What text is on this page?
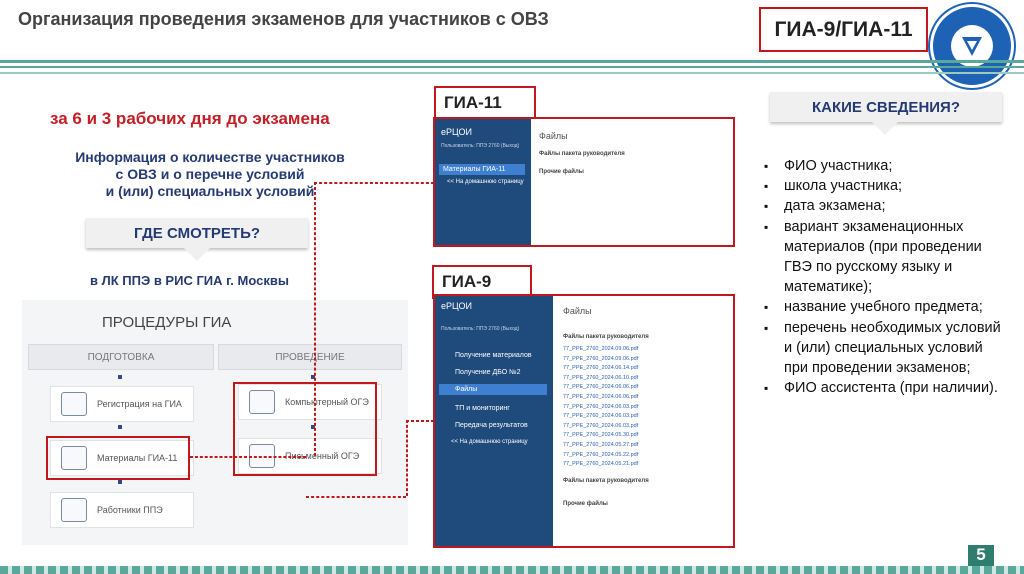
Организация проведения экзаменов для участников с ОВЗ	ГИА-9/ГИА-11
за 6 и 3 рабочих дня до экзамена
Информация о количестве участников
с ОВЗ и о перечне условий
и (или) специальных условий
ГДЕ СМОТРЕТЬ?
в ЛК ППЭ в РИС ГИА г. Москвы
ПРОЦЕДУРЫ ГИА
ПОДГОТОВКА	ПРОВЕДЕНИЕ
Регистрация на ГИА
Материалы ГИА-11
Работники ППЭ
Компьютерный ОГЭ
Письменный ОГЭ
ГИА-11
еРЦОИ
Пользователь: ППЭ 2760 (Выход)
Материалы ГИА-11
<< На домашнюю страницу
Файлы
Файлы пакета руководителя
Прочие файлы
ГИА-9
еРЦОИ
Пользователь: ППЭ 2760 (Выход)
Получение материалов
Получение ДБО №2
Файлы
ТП и мониторинг
Передача результатов
<< На домашнюю страницу
Файлы
Файлы пакета руководителя
77_PPE_2760_2024.09.06.pdf
77_PPE_2760_2024.09.06.pdf
77_PPE_2760_2024.06.14.pdf
77_PPE_2760_2024.06.10.pdf
77_PPE_2760_2024.06.06.pdf
77_PPE_2760_2024.06.06.pdf
77_PPE_2760_2024.06.03.pdf
77_PPE_2760_2024.06.03.pdf
77_PPE_2760_2024.06.03.pdf
77_PPE_2760_2024.05.30.pdf
77_PPE_2760_2024.05.27.pdf
77_PPE_2760_2024.05.22.pdf
77_PPE_2760_2024.05.21.pdf
Файлы пакета руководителя
Прочие файлы
КАКИЕ СВЕДЕНИЯ?
▪ ФИО участника;
▪ школа участника;
▪ дата экзамена;
▪ вариант экзаменационных материалов (при проведении ГВЭ по русскому языку и математике);
▪ название учебного предмета;
▪ перечень необходимых условий и (или) специальных условий при проведении экзаменов;
▪ ФИО ассистента (при наличии).
5
